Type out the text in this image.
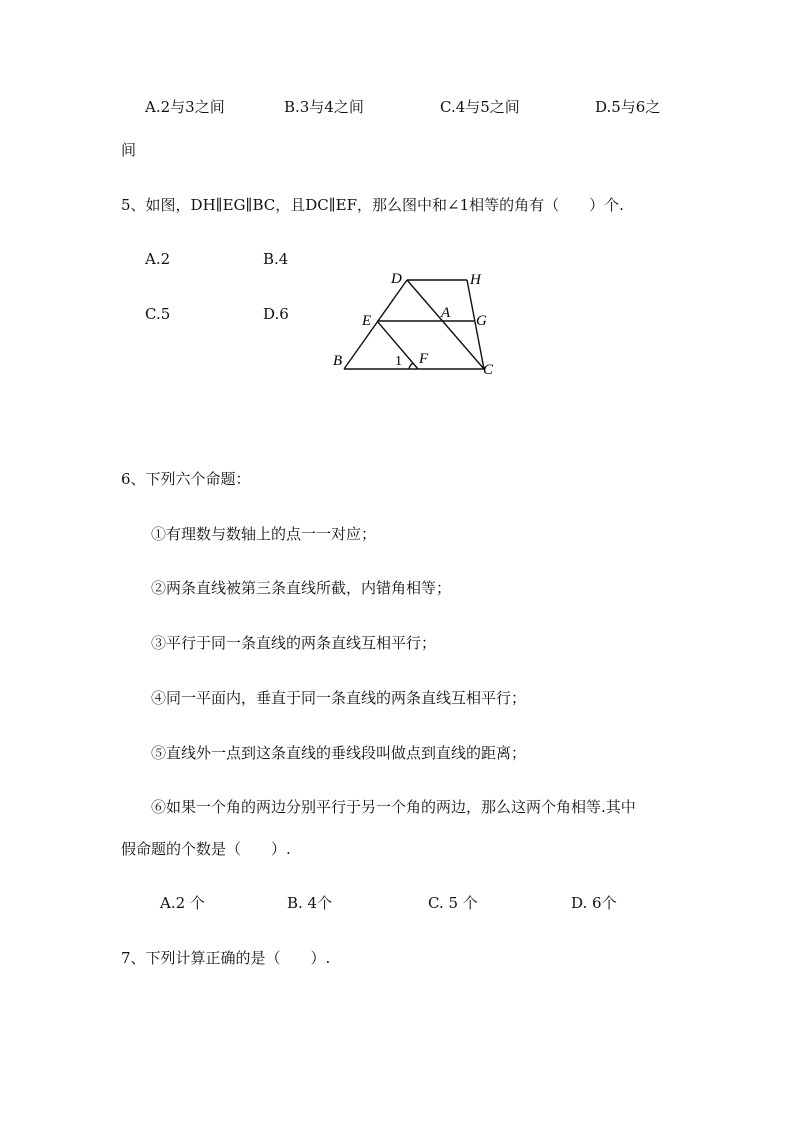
A.2与3之间	B.3与4之间	C.4与5之间	D.5与6之
间
5、如图，DH∥EG∥BC，且DC∥EF，那么图中和∠1相等的角有（　　）个.
A.2	B.4
C.5	D.6
D	H
E	A G
B	1 F
C
6、下列六个命题：
①有理数与数轴上的点一一对应；
②两条直线被第三条直线所截，内错角相等；
③平行于同一条直线的两条直线互相平行；
④同一平面内，垂直于同一条直线的两条直线互相平行；
⑤直线外一点到这条直线的垂线段叫做点到直线的距离；
⑥如果一个角的两边分别平行于另一个角的两边，那么这两个角相等.其中
假命题的个数是（　　）.
A.2 个	B. 4个	C. 5 个	D. 6个
7、下列计算正确的是（　　）.
